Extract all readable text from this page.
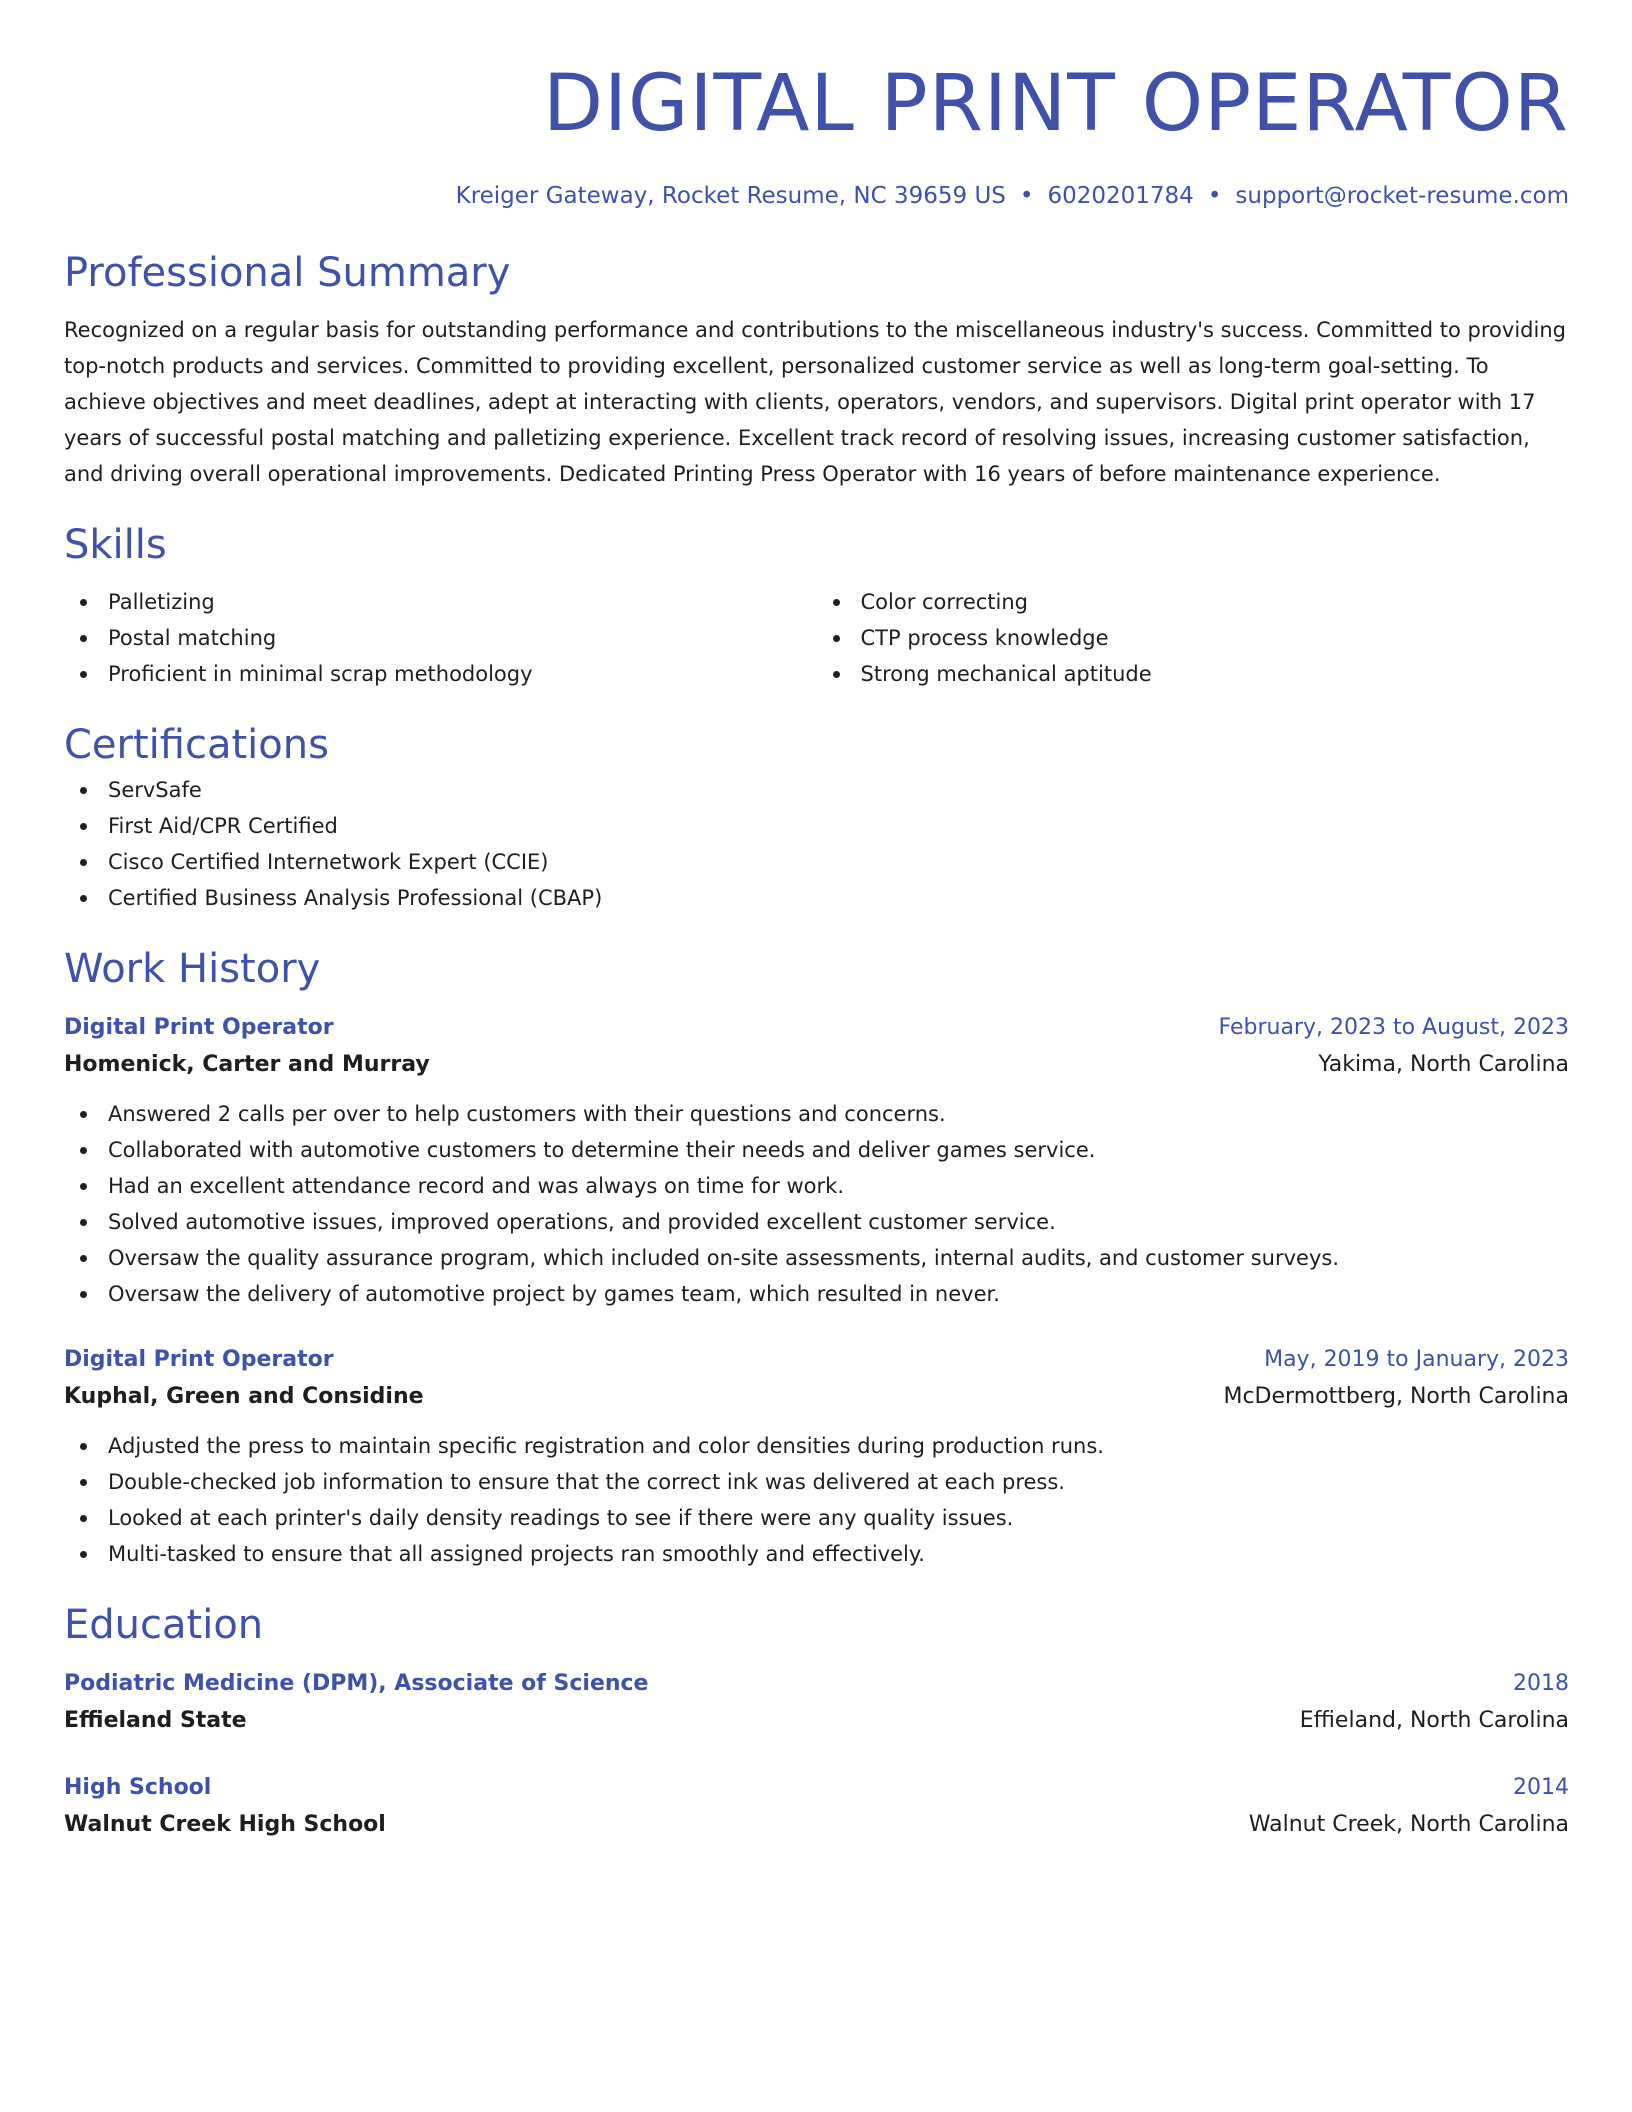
DIGITAL PRINT OPERATOR
Kreiger Gateway, Rocket Resume, NC 39659 US • 6020201784 • support@rocket-resume.com
Professional Summary

Recognized on a regular basis for outstanding performance and contributions to the miscellaneous industry's success. Committed to providing top-notch products and services. Committed to providing excellent, personalized customer service as well as long-term goal-setting. To achieve objectives and meet deadlines, adept at interacting with clients, operators, vendors, and supervisors. Digital print operator with 17 years of successful postal matching and palletizing experience. Excellent track record of resolving issues, increasing customer satisfaction, and driving overall operational improvements. Dedicated Printing Press Operator with 16 years of before maintenance experience.

Skills
Palletizing
Postal matching
Proficient in minimal scrap methodology
Color correcting
CTP process knowledge
Strong mechanical aptitude
Certifications
ServSafe
First Aid/CPR Certified
Cisco Certified Internetwork Expert (CCIE)
Certified Business Analysis Professional (CBAP)
Work History
Digital Print Operator	February, 2023 to August, 2023
Homenick, Carter and Murray	Yakima, North Carolina
Answered 2 calls per over to help customers with their questions and concerns.
Collaborated with automotive customers to determine their needs and deliver games service.
Had an excellent attendance record and was always on time for work.
Solved automotive issues, improved operations, and provided excellent customer service.
Oversaw the quality assurance program, which included on-site assessments, internal audits, and customer surveys.
Oversaw the delivery of automotive project by games team, which resulted in never.
Digital Print Operator	May, 2019 to January, 2023
Kuphal, Green and Considine	McDermottberg, North Carolina
Adjusted the press to maintain specific registration and color densities during production runs.
Double-checked job information to ensure that the correct ink was delivered at each press.
Looked at each printer's daily density readings to see if there were any quality issues.
Multi-tasked to ensure that all assigned projects ran smoothly and effectively.
Education
Podiatric Medicine (DPM), Associate of Science	2018
Effieland State	Effieland, North Carolina
High School	2014
Walnut Creek High School	Walnut Creek, North Carolina
